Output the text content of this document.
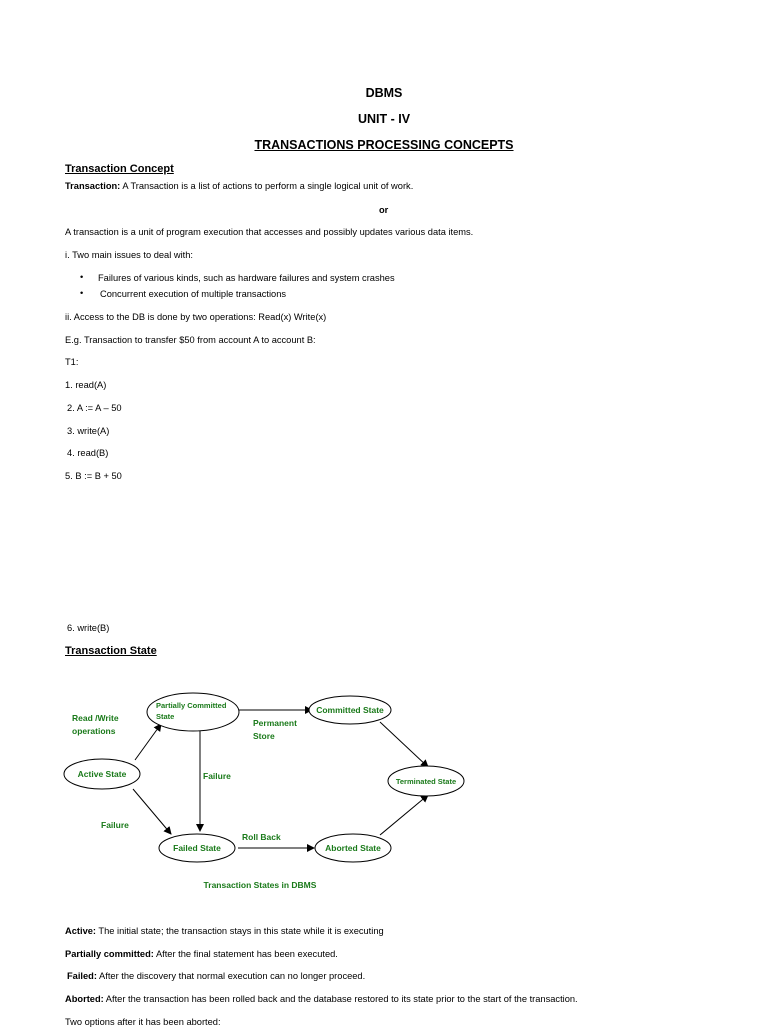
DBMS
UNIT - IV
TRANSACTIONS PROCESSING CONCEPTS
Transaction Concept
Transaction: A Transaction is a list of actions to perform a single logical unit of work.
or
A transaction is a unit of program execution that accesses and possibly updates various data items.
i. Two main issues to deal with:
• Failures of various kinds, such as hardware failures and system crashes
• Concurrent execution of multiple transactions
ii. Access to the DB is done by two operations: Read(x) Write(x)
E.g. Transaction to transfer $50 from account A to account B:
T1:
1. read(A)
2. A := A – 50
3. write(A)
4. read(B)
5. B := B + 50
6. write(B)
Transaction State
Partially Committed
State
Committed State
Active State
Terminated State
Failed State	Aborted State
Read /Write
operations
Permanent
Store
Failure
Failure
Roll Back
Transaction States in DBMS
Active: The initial state; the transaction stays in this state while it is executing
Partially committed: After the final statement has been executed.
Failed: After the discovery that normal execution can no longer proceed.
Aborted: After the transaction has been rolled back and the database restored to its state prior to the start of the transaction.
Two options after it has been aborted:
